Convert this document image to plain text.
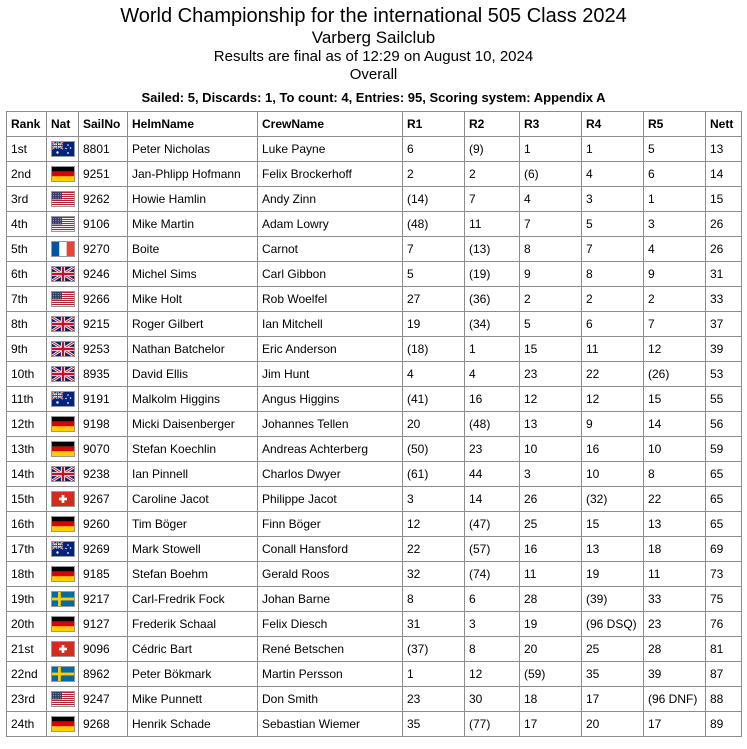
World Championship for the international 505 Class 2024
Varberg Sailclub
Results are final as of 12:29 on August 10, 2024
Overall
Sailed: 5, Discards: 1, To count: 4, Entries: 95, Scoring system: Appendix A
Rank	Nat	SailNo	HelmName	CrewName	R1	R2	R3	R4	R5	Nett
1st		8801	Peter Nicholas	Luke Payne	6	(9)	1	1	5	13
2nd		9251	Jan-Phlipp Hofmann	Felix Brockerhoff	2	2	(6)	4	6	14
3rd		9262	Howie Hamlin	Andy Zinn	(14)	7	4	3	1	15
4th		9106	Mike Martin	Adam Lowry	(48)	11	7	5	3	26
5th		9270	Boite	Carnot	7	(13)	8	7	4	26
6th		9246	Michel Sims	Carl Gibbon	5	(19)	9	8	9	31
7th		9266	Mike Holt	Rob Woelfel	27	(36)	2	2	2	33
8th		9215	Roger Gilbert	Ian Mitchell	19	(34)	5	6	7	37
9th		9253	Nathan Batchelor	Eric Anderson	(18)	1	15	11	12	39
10th		8935	David Ellis	Jim Hunt	4	4	23	22	(26)	53
11th		9191	Malkolm Higgins	Angus Higgins	(41)	16	12	12	15	55
12th		9198	Micki Daisenberger	Johannes Tellen	20	(48)	13	9	14	56
13th		9070	Stefan Koechlin	Andreas Achterberg	(50)	23	10	16	10	59
14th		9238	Ian Pinnell	Charlos Dwyer	(61)	44	3	10	8	65
15th		9267	Caroline Jacot	Philippe Jacot	3	14	26	(32)	22	65
16th		9260	Tim Böger	Finn Böger	12	(47)	25	15	13	65
17th		9269	Mark Stowell	Conall Hansford	22	(57)	16	13	18	69
18th		9185	Stefan Boehm	Gerald Roos	32	(74)	11	19	11	73
19th		9217	Carl-Fredrik Fock	Johan Barne	8	6	28	(39)	33	75
20th		9127	Frederik Schaal	Felix Diesch	31	3	19	(96 DSQ)	23	76
21st		9096	Cédric Bart	René Betschen	(37)	8	20	25	28	81
22nd		8962	Peter Bökmark	Martin Persson	1	12	(59)	35	39	87
23rd		9247	Mike Punnett	Don Smith	23	30	18	17	(96 DNF)	88
24th		9268	Henrik Schade	Sebastian Wiemer	35	(77)	17	20	17	89
